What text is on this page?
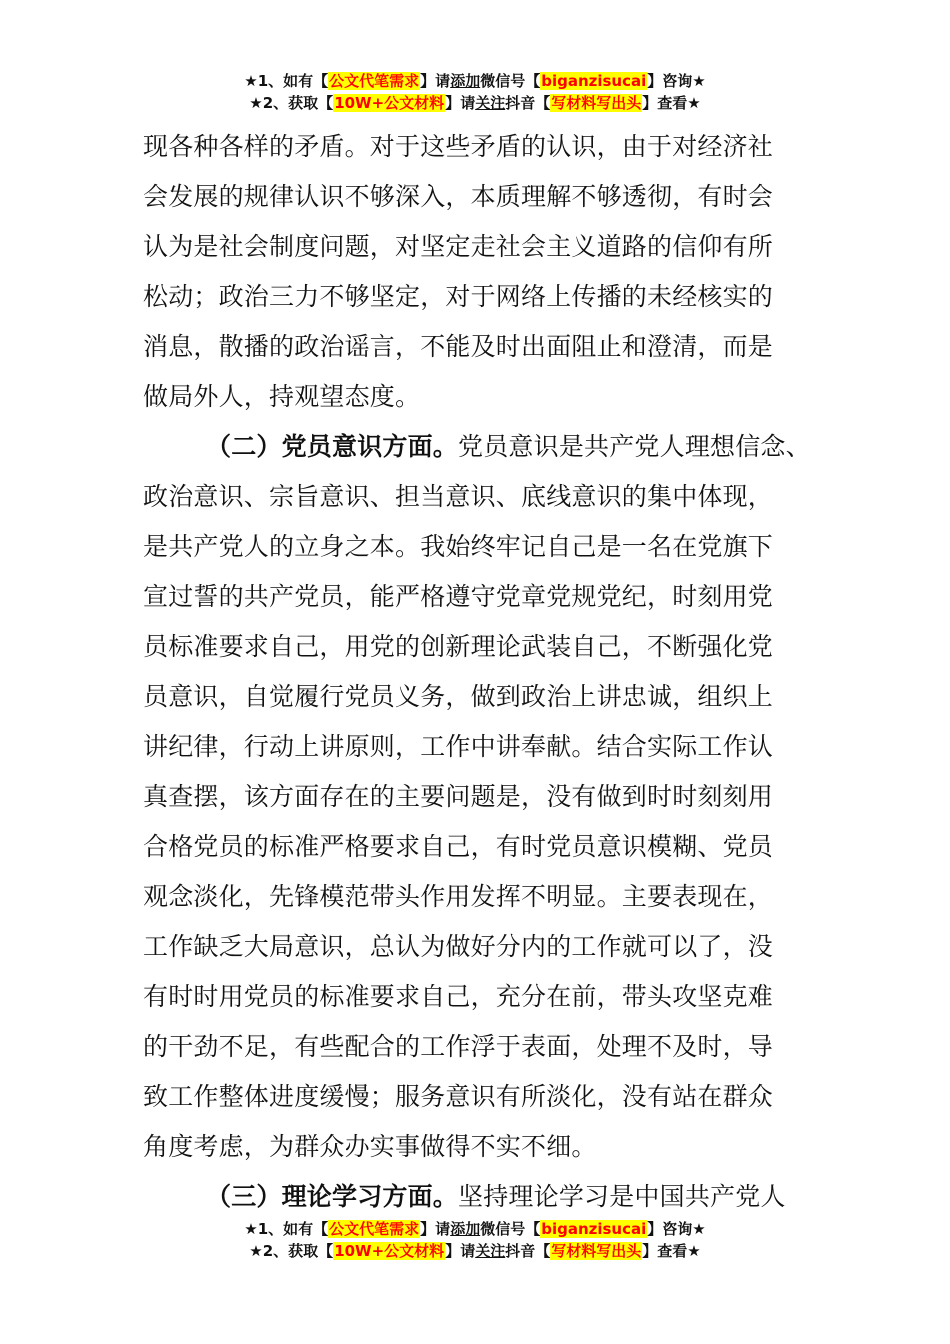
★1、如有【公文代笔需求】请添加微信号【biganzisucai】咨询★
★2、获取【10W+公文材料】请关注抖音【写材料写出头】查看★
现各种各样的矛盾。对于这些矛盾的认识，由于对经济社
会发展的规律认识不够深入，本质理解不够透彻，有时会
认为是社会制度问题，对坚定走社会主义道路的信仰有所
松动；政治三力不够坚定，对于网络上传播的未经核实的
消息，散播的政治谣言，不能及时出面阻止和澄清，而是
做局外人，持观望态度。
（二）党员意识方面。党员意识是共产党人理想信念、
政治意识、宗旨意识、担当意识、底线意识的集中体现，
是共产党人的立身之本。我始终牢记自己是一名在党旗下
宣过誓的共产党员，能严格遵守党章党规党纪，时刻用党
员标准要求自己，用党的创新理论武装自己，不断强化党
员意识，自觉履行党员义务，做到政治上讲忠诚，组织上
讲纪律，行动上讲原则，工作中讲奉献。结合实际工作认
真查摆，该方面存在的主要问题是，没有做到时时刻刻用
合格党员的标准严格要求自己，有时党员意识模糊、党员
观念淡化，先锋模范带头作用发挥不明显。主要表现在，
工作缺乏大局意识，总认为做好分内的工作就可以了，没
有时时用党员的标准要求自己，充分在前，带头攻坚克难
的干劲不足，有些配合的工作浮于表面，处理不及时，导
致工作整体进度缓慢；服务意识有所淡化，没有站在群众
角度考虑，为群众办实事做得不实不细。
（三）理论学习方面。坚持理论学习是中国共产党人
★1、如有【公文代笔需求】请添加微信号【biganzisucai】咨询★
★2、获取【10W+公文材料】请关注抖音【写材料写出头】查看★
